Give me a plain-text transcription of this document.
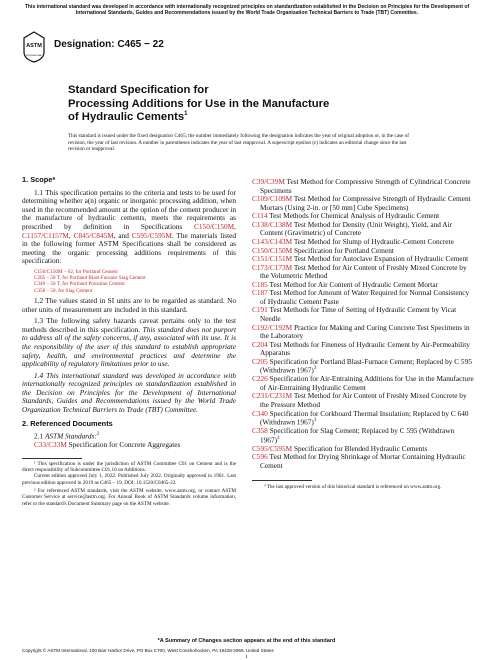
This international standard was developed in accordance with internationally recognized principles on standardization established in the Decision on Principles for the Development of International Standards, Guides and Recommendations issued by the World Trade Organization Technical Barriers to Trade (TBT) Committee.
ASTM
INTERNATIONAL
Designation: C465 − 22
Standard Specification for
Processing Additions for Use in the Manufacture
of Hydraulic Cements$^1$
This standard is issued under the fixed designation C465; the number immediately following the designation indicates the year of original adoption or, in the case of revision, the year of last revision. A number in parentheses indicates the year of last reapproval. A superscript epsilon (ε) indicates an editorial change since the last revision or reapproval.
1. Scope*

1.1 This specification pertains to the criteria and tests to be used for determining whether a(n) organic or inorganic processing addition, when used in the recommended amount at the option of the cement producer in the manufacture of hydraulic cements, meets the requirements as prescribed by definition in Specifications C150/C150M, C1157/C1157M, C845/C845M, and C595/C595M. The materials listed in the following former ASTM Specifications shall be considered as meeting the organic processing additions requirements of this specification:

C150/C150M – 62, for Portland Cement
C205 – 58 T, for Portland Blast-Furnace Slag Cement
C340 – 58 T, for Portland Pozzolan Cement
C358 – 58, for Slag Cement

1.2 The values stated in SI units are to be regarded as standard. No other units of measurement are included in this standard.

1.3 The following safety hazards caveat pertains only to the test methods described in this specification. This standard does not purport to address all of the safety concerns, if any, associated with its use. It is the responsibility of the user of this standard to establish appropriate safety, health, and environmental practices and determine the applicability of regulatory limitations prior to use.

1.4 This international standard was developed in accordance with internationally recognized principles on standardization established in the Decision on Principles for the Development of International Standards, Guides and Recommendations issued by the World Trade Organization Technical Barriers to Trade (TBT) Committee.

2. Referenced Documents

2.1 ASTM Standards:$^2$

C33/C33M Specification for Concrete Aggregates

¹ This specification is under the jurisdiction of ASTM Committee C01 on Cement and is the direct responsibility of Subcommittee C01.10 on Additions.

Current edition approved July 1, 2022. Published July 2022. Originally approved in 1961. Last previous edition approved in 2019 as C465 – 19. DOI: 10.1520/C0465-22.

² For referenced ASTM standards, visit the ASTM website, www.astm.org, or contact ASTM Customer Service at service@astm.org. For Annual Book of ASTM Standards volume information, refer to the standard's Document Summary page on the ASTM website.

C39/C39M Test Method for Compressive Strength of Cylindrical Concrete Specimens

C109/C109M Test Method for Compressive Strength of Hydraulic Cement Mortars (Using 2-in. or [50 mm] Cube Specimens)

C114 Test Methods for Chemical Analysis of Hydraulic Cement

C138/C138M Test Method for Density (Unit Weight), Yield, and Air Content (Gravimetric) of Concrete

C143/C143M Test Method for Slump of Hydraulic-Cement Concrete

C150/C150M Specification for Portland Cement

C151/C151M Test Method for Autoclave Expansion of Hydraulic Cement

C173/C173M Test Method for Air Content of Freshly Mixed Concrete by the Volumetric Method

C185 Test Method for Air Content of Hydraulic Cement Mortar

C187 Test Method for Amount of Water Required for Normal Consistency of Hydraulic Cement Paste

C191 Test Methods for Time of Setting of Hydraulic Cement by Vicat Needle

C192/C192M Practice for Making and Curing Concrete Test Specimens in the Laboratory

C204 Test Methods for Fineness of Hydraulic Cement by Air-Permeability Apparatus

C205 Specification for Portland Blast-Furnace Cement; Replaced by C 595 (Withdrawn 1967)$^3$

C226 Specification for Air-Entraining Additions for Use in the Manufacture of Air-Entraining Hydraulic Cement

C231/C231M Test Method for Air Content of Freshly Mixed Concrete by the Pressure Method

C340 Specification for Corkboard Thermal Insulation; Replaced by C 640 (Withdrawn 1967)$^3$

C358 Specification for Slag Cement; Replaced by C 595 (Withdrawn 1967)$^3$

C595/C595M Specification for Blended Hydraulic Cements

C596 Test Method for Drying Shrinkage of Mortar Containing Hydraulic Cement

³ The last approved version of this historical standard is referenced on www.astm.org.

*A Summary of Changes section appears at the end of this standard
Copyright © ASTM International, 100 Barr Harbor Drive, PO Box C700, West Conshohocken, PA 19428-2959. United States
1
